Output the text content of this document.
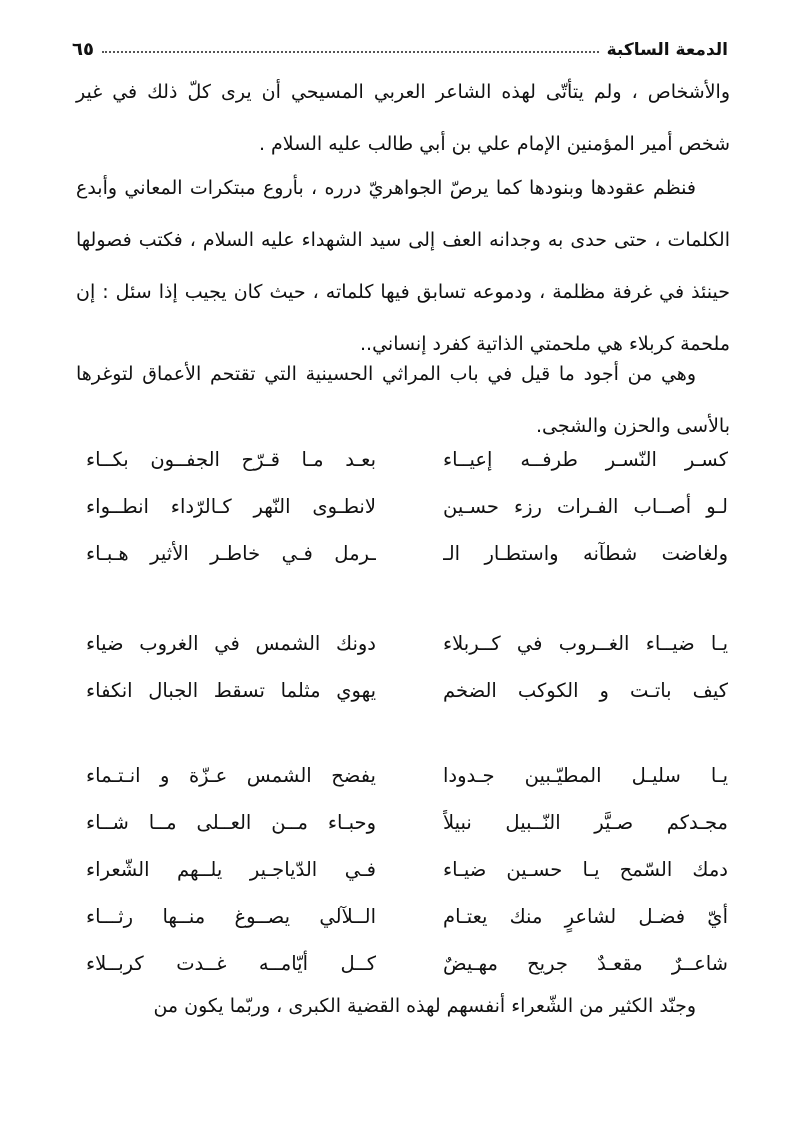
الدمعة الساكبة
٦٥

والأشخاص ، ولم يتأتّى لهذه الشاعر العربي المسيحي أن يرى كلّ ذلك في غير شخص أمير المؤمنين الإمام علي بن أبي طالب عليه السلام .

فنظم عقودها وبنودها كما يرصّ الجواهريّ درره ، بأروع مبتكرات المعاني وأبدع الكلمات ، حتى حدى به وجدانه العف إلى سيد الشهداء عليه السلام ، فكتب فصولها حينئذ في غرفة مظلمة ، ودموعه تسابق فيها كلماته ، حيث كان يجيب إذا سئل : إن ملحمة كربلاء هي ملحمتي الذاتية كفرد إنساني..

وهي من أجود ما قيل في باب المراثي الحسينية التي تقتحم الأعماق لتوغرها بالأسى والحزن والشجى.

كسـر النّسـر طرفــه إعيــاء
بعـد مـا قـرّح الجفــون بكــاء
لـو أصــاب الفـرات رزء حسـين
لانطـوى النّهر كـالرّداء انطــواء
ولغاضت شطآنه واستطـار الـ
ـرمل فـي خاطـر الأثير هـبـاء
يـا ضيــاء الغــروب في كــربلاء
دونك الشمس في الغروب ضياء
كيف باتـت و الكوكب الضخم
يهوي مثلما تسقط الجبال انكفاء
يـا سليـل المطيّـبين جـدودا
يفضح الشمس عـزّة و انـتـماء
مجـدكم صـيَّر النّــبيل نبيلاً
وحبـاء مــن العــلى مــا شــاء
دمك السّمح يـا حسـين ضيـاء
فـي الدّياجـير يلــهم الشّعراء
أيّ فضـل لشاعرٍ منك يعتـام
الــلآلي يصــوغ منــها رثـــاء
شاعــرٌ مقعـدٌ جريح مهـيضٌ
كــل أيّامــه غــدت كربــلاء

وجنّد الكثير من الشّعراء أنفسهم لهذه القضية الكبرى ، وربّما يكون من
